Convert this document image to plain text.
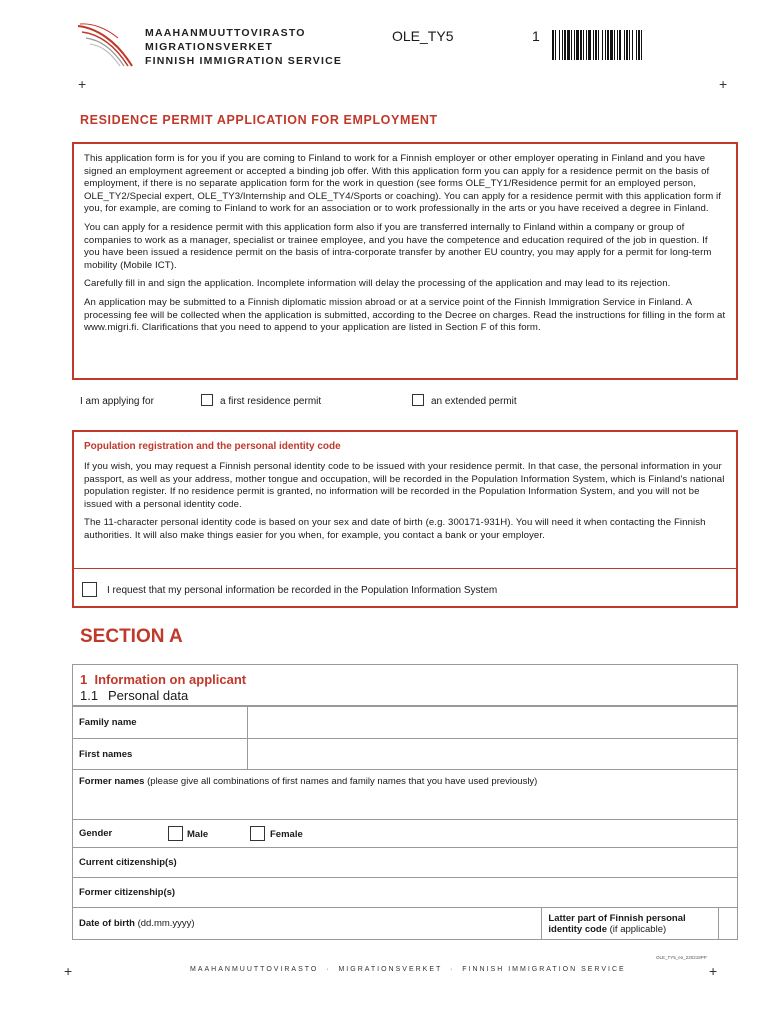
MAAHANMUUTTOVIRASTO
MIGRATIONSVERKET
FINNISH IMMIGRATION SERVICE
OLE_TY5	1
+	+
RESIDENCE PERMIT APPLICATION FOR EMPLOYMENT

This application form is for you if you are coming to Finland to work for a Finnish employer or other employer operating in Finland and you have signed an employment agreement or accepted a binding job offer. With this application form you can apply for a residence permit on the basis of employment, if there is no separate application form for the work in question (see forms OLE_TY1/Residence permit for an employed person, OLE_TY2/Special expert, OLE_TY3/Internship and OLE_TY4/Sports or coaching). You can apply for a residence permit with this application form if you, for example, are coming to Finland to work for an association or to work professionally in the arts or you have received a degree in Finland.

You can apply for a residence permit with this application form also if you are transferred internally to Finland within a company or group of companies to work as a manager, specialist or trainee employee, and you have the competence and education required of the job in question. If you have been issued a residence permit on the basis of intra-corporate transfer by another EU country, you may apply for a permit for long-term mobility (Mobile ICT).

Carefully fill in and sign the application. Incomplete information will delay the processing of the application and may lead to its rejection.

An application may be submitted to a Finnish diplomatic mission abroad or at a service point of the Finnish Immigration Service in Finland. A processing fee will be collected when the application is submitted, according to the Decree on charges. Read the instructions for filling in the form at www.migri.fi. Clarifications that you need to append to your application are listed in Section F of this form.

I am applying for	a first residence permit	an extended permit
Population registration and the personal identity code

If you wish, you may request a Finnish personal identity code to be issued with your residence permit. In that case, the personal information in your passport, as well as your address, mother tongue and occupation, will be recorded in the Population Information System, which is Finland's national population register. If no residence permit is granted, no information will be recorded in the Population Information System, and you will not be issued with a personal identity code.

The 11-character personal identity code is based on your sex and date of birth (e.g. 300171-931H). You will need it when contacting the Finnish authorities. It will also make things easier for you when, for example, you contact a bank or your employer.

I request that my personal information be recorded in the Population Information System
SECTION A
1  Information on applicant
1.1 Personal data
Family name			
First names			
Former names (please give all combinations of first names and family names that you have used previously)			
Gender Male Female			

Current citizenship(s)			
Former citizenship(s)			
Date of birth (dd.mm.yyyy)		Latter part of Finnish personal
identity code (if applicable)	

OLE_TY5_en_220218PP
+	MAAHANMUUTTOVIRASTO  ·  MIGRATIONSVERKET  ·  FINNISH IMMIGRATION SERVICE	+
